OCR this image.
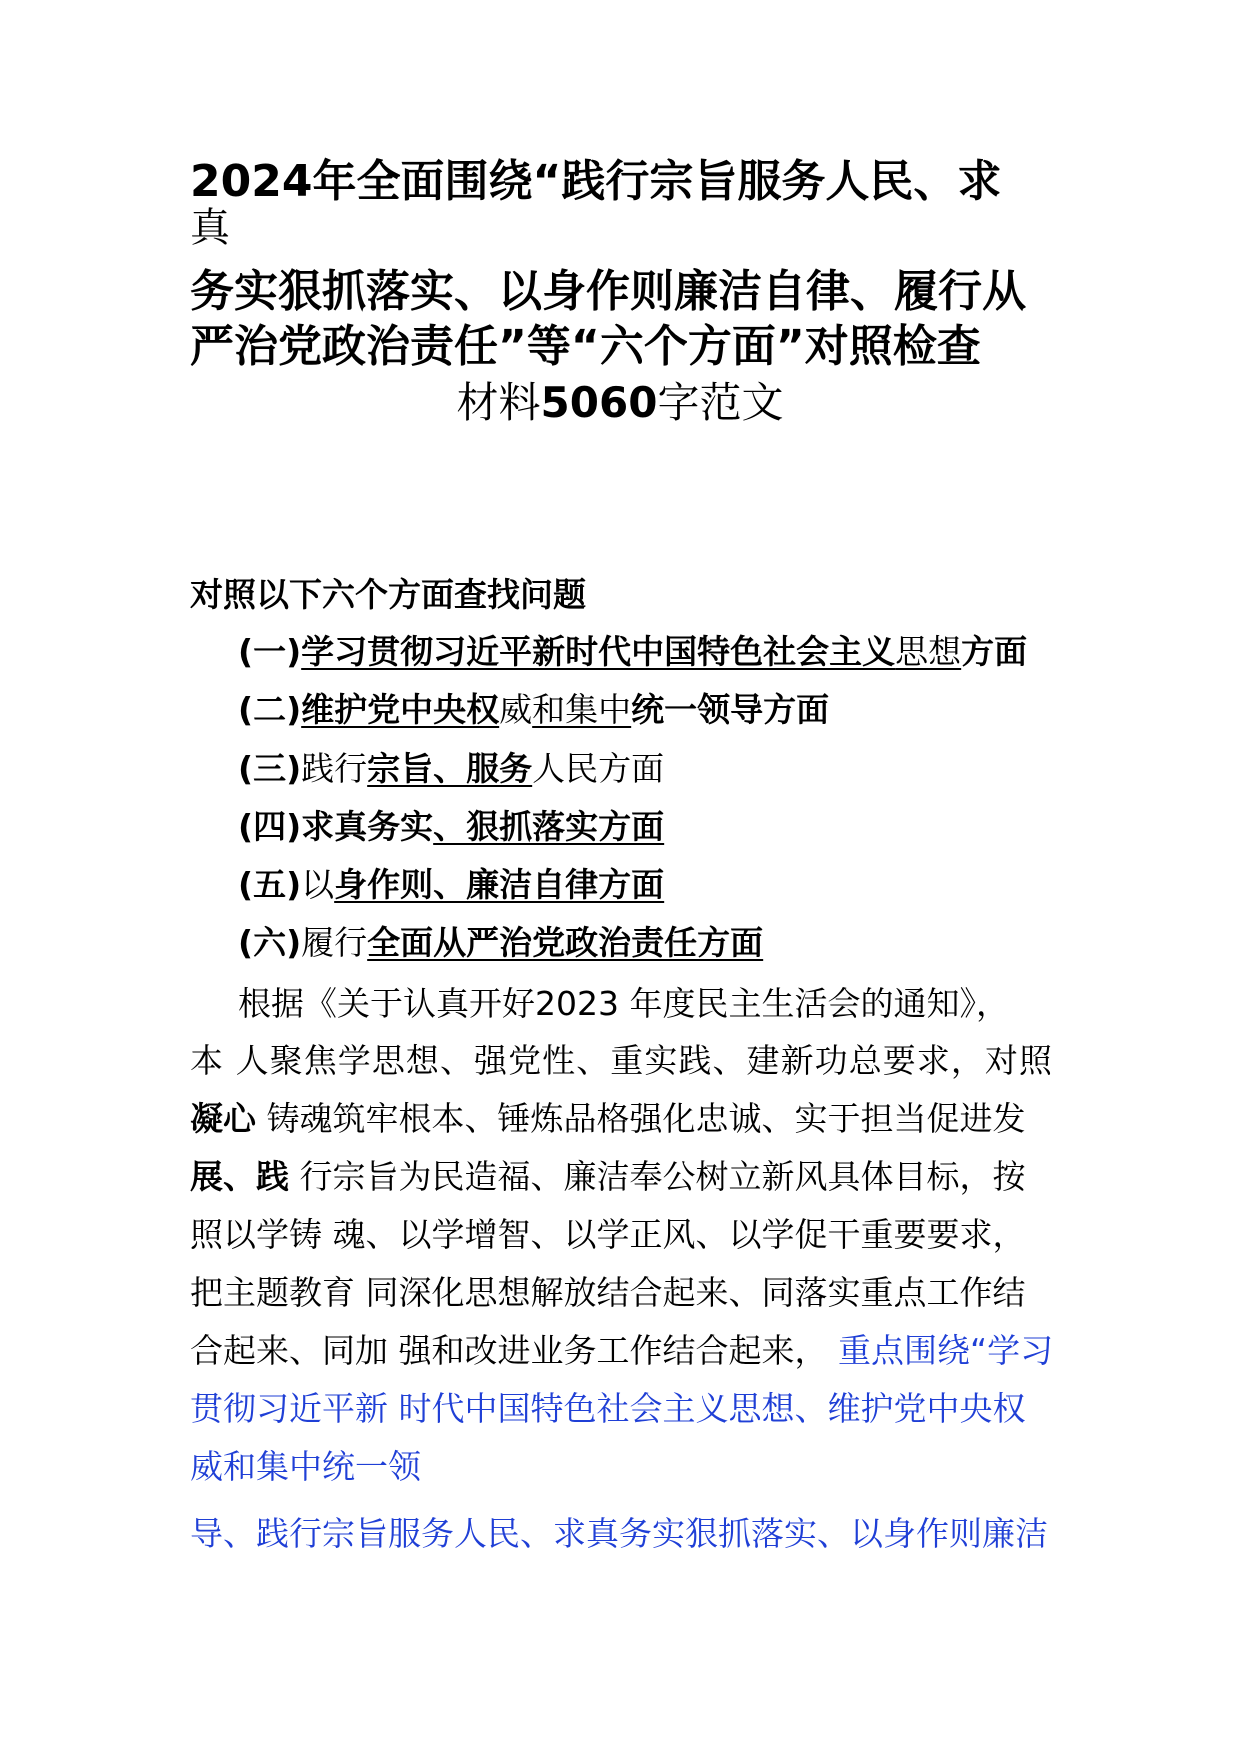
2024年全面围绕“践行宗旨服务人民、求
真
务实狠抓落实、以身作则廉洁自律、履行从
严治党政治责任”等“六个方面”对照检查
材料5060字范文
对照以下六个方面查找问题
(一)学习贯彻习近平新时代中国特色社会主义思想方面
(二)维护党中央权威和集中统一领导方面
(三)践行宗旨、服务人民方面
(四)求真务实、狠抓落实方面
(五)以身作则、廉洁自律方面
(六)履行全面从严治党政治责任方面
根据《关于认真开好2023 年度民主生活会的通知》，
本 人聚焦学思想、强党性、重实践、建新功总要求，对照
凝心 铸魂筑牢根本、锤炼品格强化忠诚、实于担当促进发
展、践 行宗旨为民造福、廉洁奉公树立新风具体目标，按
照以学铸 魂、以学增智、以学正风、以学促干重要要求，
把主题教育 同深化思想解放结合起来、同落实重点工作结
合起来、同加 强和改进业务工作结合起来， 重点围绕“学习
贯彻习近平新 时代中国特色社会主义思想、维护党中央权
威和集中统一领
导、践行宗旨服务人民、求真务实狠抓落实、以身作则廉洁
